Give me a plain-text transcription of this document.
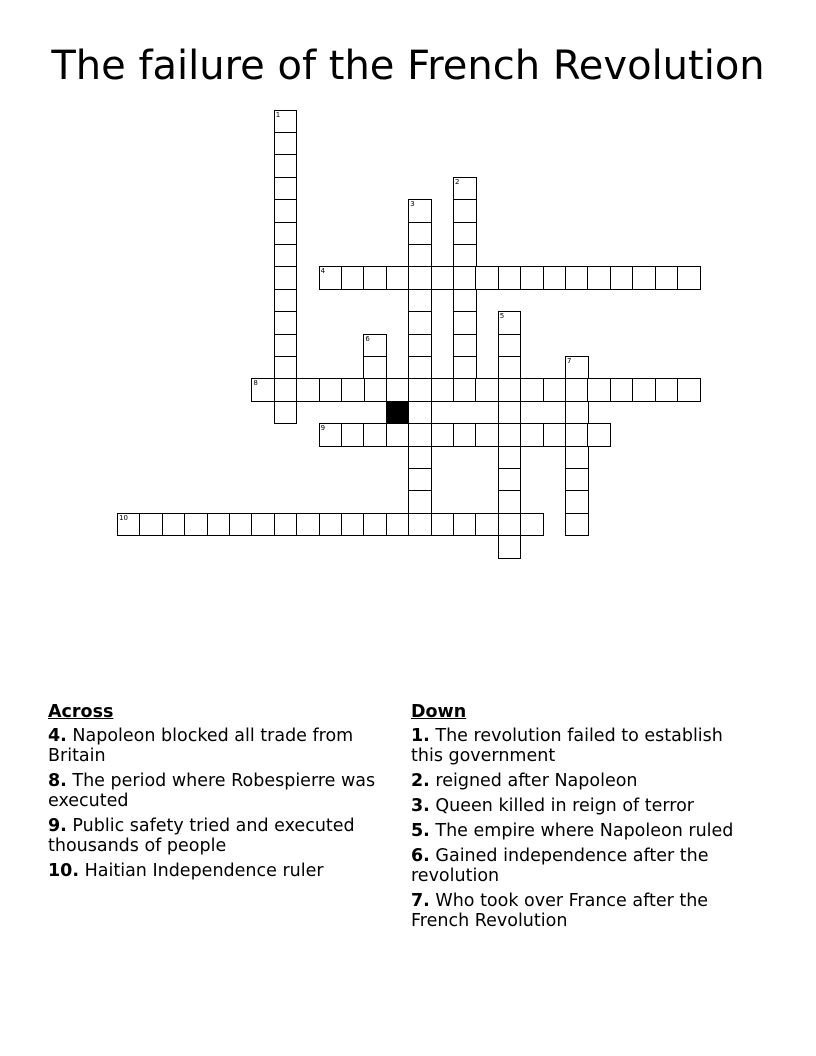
The failure of the French Revolution
1
2
3
4
5
6
7
8
9
10
Across
4. Napoleon blocked all trade from Britain
8. The period where Robespierre was executed
9. Public safety tried and executed thousands of people
10. Haitian Independence ruler
Down
1. The revolution failed to establish this government
2. reigned after Napoleon
3. Queen killed in reign of terror
5. The empire where Napoleon ruled
6. Gained independence after the revolution
7. Who took over France after the French Revolution
